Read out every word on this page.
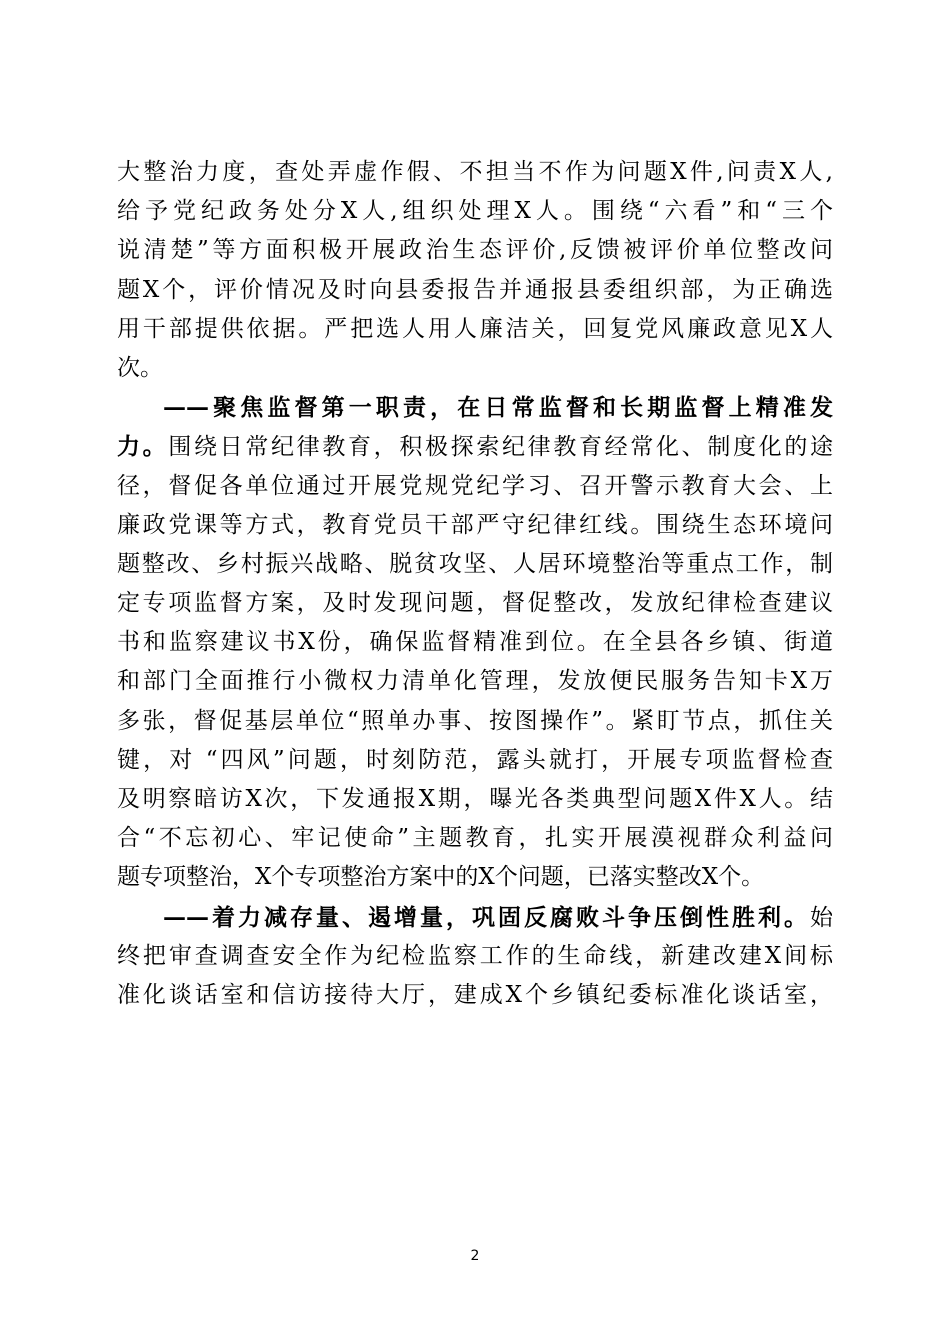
大整治力度，查处弄虚作假、不担当不作为问题X件,问责X人,
给予党纪政务处分X人,组织处理X人。围绕“六看”和“三个
说清楚”等方面积极开展政治生态评价,反馈被评价单位整改问
题X个，评价情况及时向县委报告并通报县委组织部，为正确选
用干部提供依据。严把选人用人廉洁关，回复党风廉政意见X人
次。
——聚焦监督第一职责，在日常监督和长期监督上精准发
力。围绕日常纪律教育，积极探索纪律教育经常化、制度化的途
径，督促各单位通过开展党规党纪学习、召开警示教育大会、上
廉政党课等方式，教育党员干部严守纪律红线。围绕生态环境问
题整改、乡村振兴战略、脱贫攻坚、人居环境整治等重点工作，制
定专项监督方案，及时发现问题，督促整改，发放纪律检查建议
书和监察建议书X份，确保监督精准到位。在全县各乡镇、街道
和部门全面推行小微权力清单化管理，发放便民服务告知卡X万
多张，督促基层单位“照单办事、按图操作”。紧盯节点，抓住关
键，对 “四风”问题，时刻防范，露头就打，开展专项监督检查
及明察暗访X次，下发通报X期，曝光各类典型问题X件X人。结
合“不忘初心、牢记使命”主题教育，扎实开展漠视群众利益问
题专项整治，X个专项整治方案中的X个问题，已落实整改X个。
——着力减存量、遏增量，巩固反腐败斗争压倒性胜利。始
终把审查调查安全作为纪检监察工作的生命线，新建改建X间标
准化谈话室和信访接待大厅，建成X个乡镇纪委标准化谈话室，
2
